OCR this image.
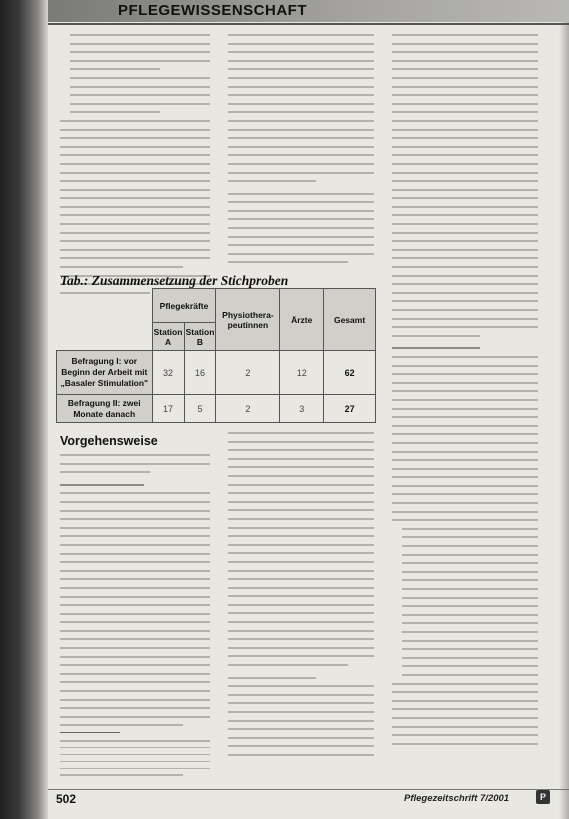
PFLEGEWISSENSCHAFT
Tab.: Zusammensetzung der Stichproben
	Pflegekräfte		Physiothera-peutinnen	Ärzte	Gesamt
	Station A	Station B			
Befragung I: vor Beginn der Arbeit mit „Basaler Stimulation"	32	16	2	12	62
Befragung II: zwei Monate danach	17	5	2	3	27
Vorgehensweise
502	Pflegezeitschrift 7/2001	P
